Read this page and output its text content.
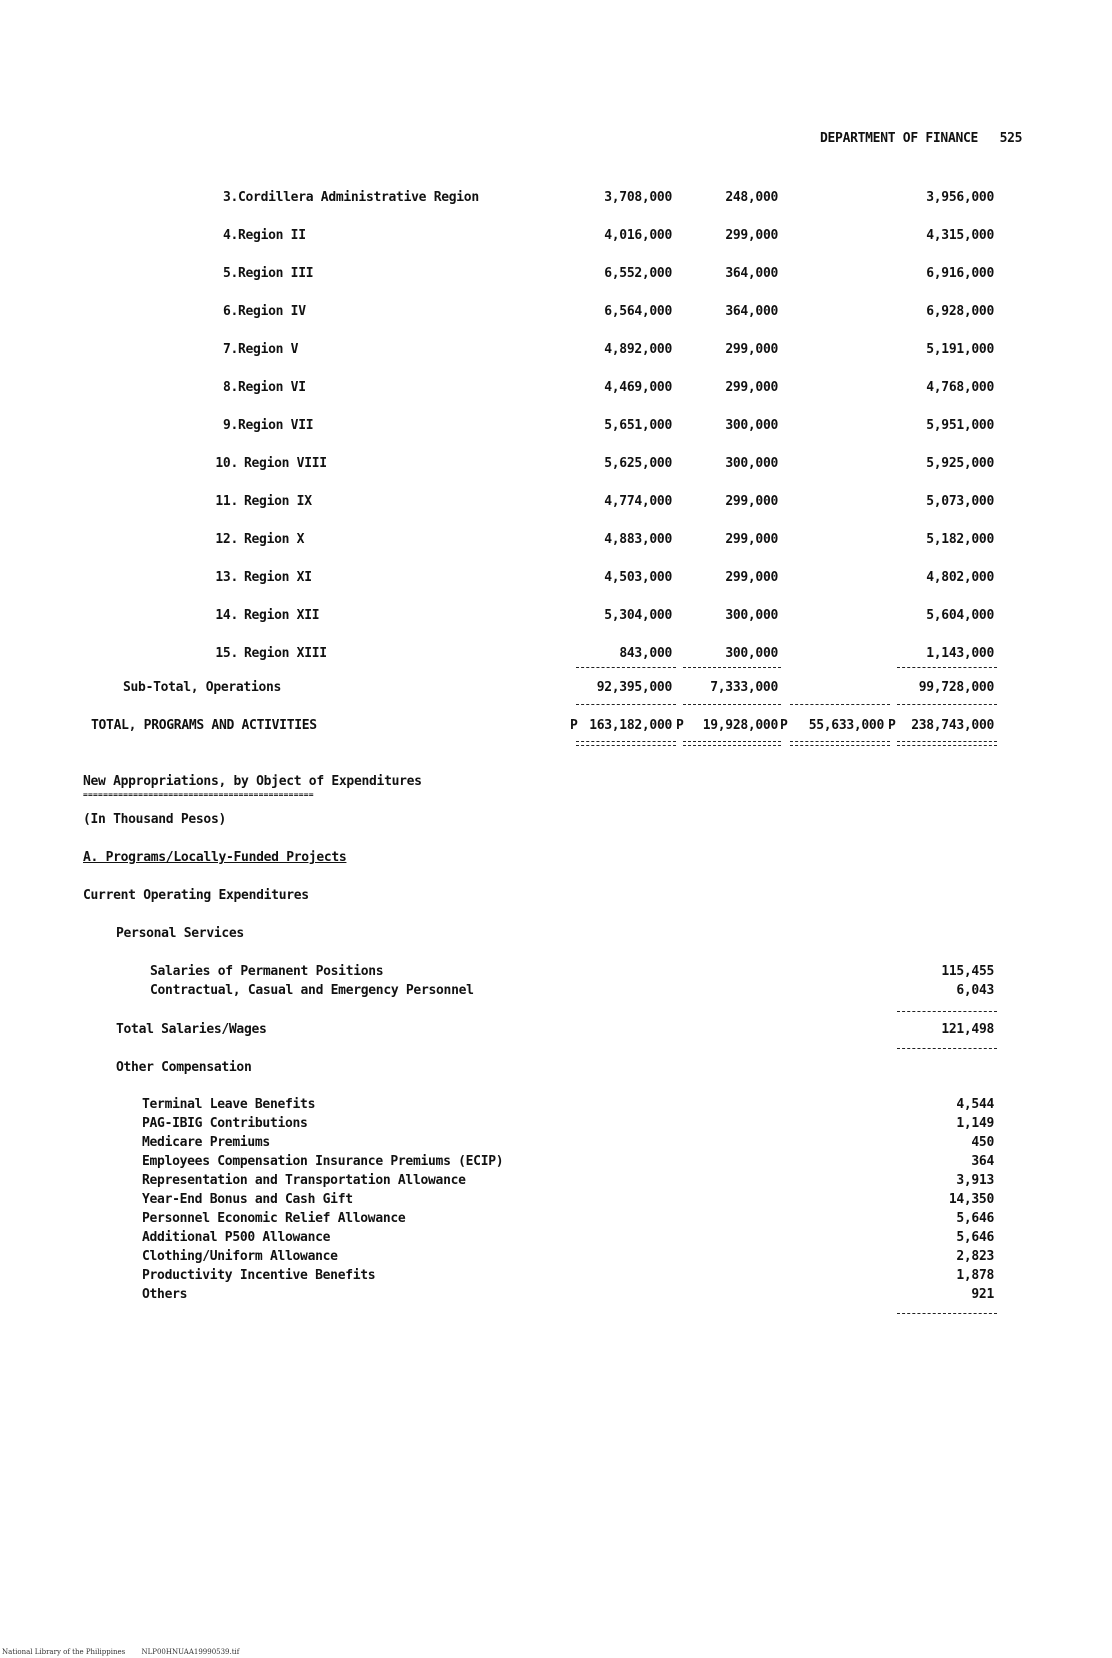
DEPARTMENT OF FINANCE 525
3. Cordillera Administrative Region	3,708,000	248,000	3,956,000
4. Region II	4,016,000	299,000	4,315,000
5. Region III	6,552,000	364,000	6,916,000
6. Region IV	6,564,000	364,000	6,928,000
7. Region V	4,892,000	299,000	5,191,000
8. Region VI	4,469,000	299,000	4,768,000
9. Region VII	5,651,000	300,000	5,951,000
10. Region VIII	5,625,000	300,000	5,925,000
11. Region IX	4,774,000	299,000	5,073,000
12. Region X	4,883,000	299,000	5,182,000
13. Region XI	4,503,000	299,000	4,802,000
14. Region XII	5,304,000	300,000	5,604,000
15. Region XIII	843,000	300,000	1,143,000
Sub-Total, Operations	92,395,000	7,333,000	99,728,000
TOTAL, PROGRAMS AND ACTIVITIES	P 163,182,000 P	19,928,000 P	55,633,000 P	238,743,000
New Appropriations, by Object of Expenditures
==============================================
(In Thousand Pesos)
A. Programs/Locally-Funded Projects
Current Operating Expenditures
Personal Services
Salaries of Permanent Positions	115,455
Contractual, Casual and Emergency Personnel	6,043
Total Salaries/Wages	121,498
Other Compensation
Terminal Leave Benefits	4,544
PAG-IBIG Contributions	1,149
Medicare Premiums	450
Employees Compensation Insurance Premiums (ECIP)	364
Representation and Transportation Allowance	3,913
Year-End Bonus and Cash Gift	14,350
Personnel Economic Relief Allowance	5,646
Additional P500 Allowance	5,646
Clothing/Uniform Allowance	2,823
Productivity Incentive Benefits	1,878
Others	921
National Library of the Philippines NLP00HNUAA19990539.tif
